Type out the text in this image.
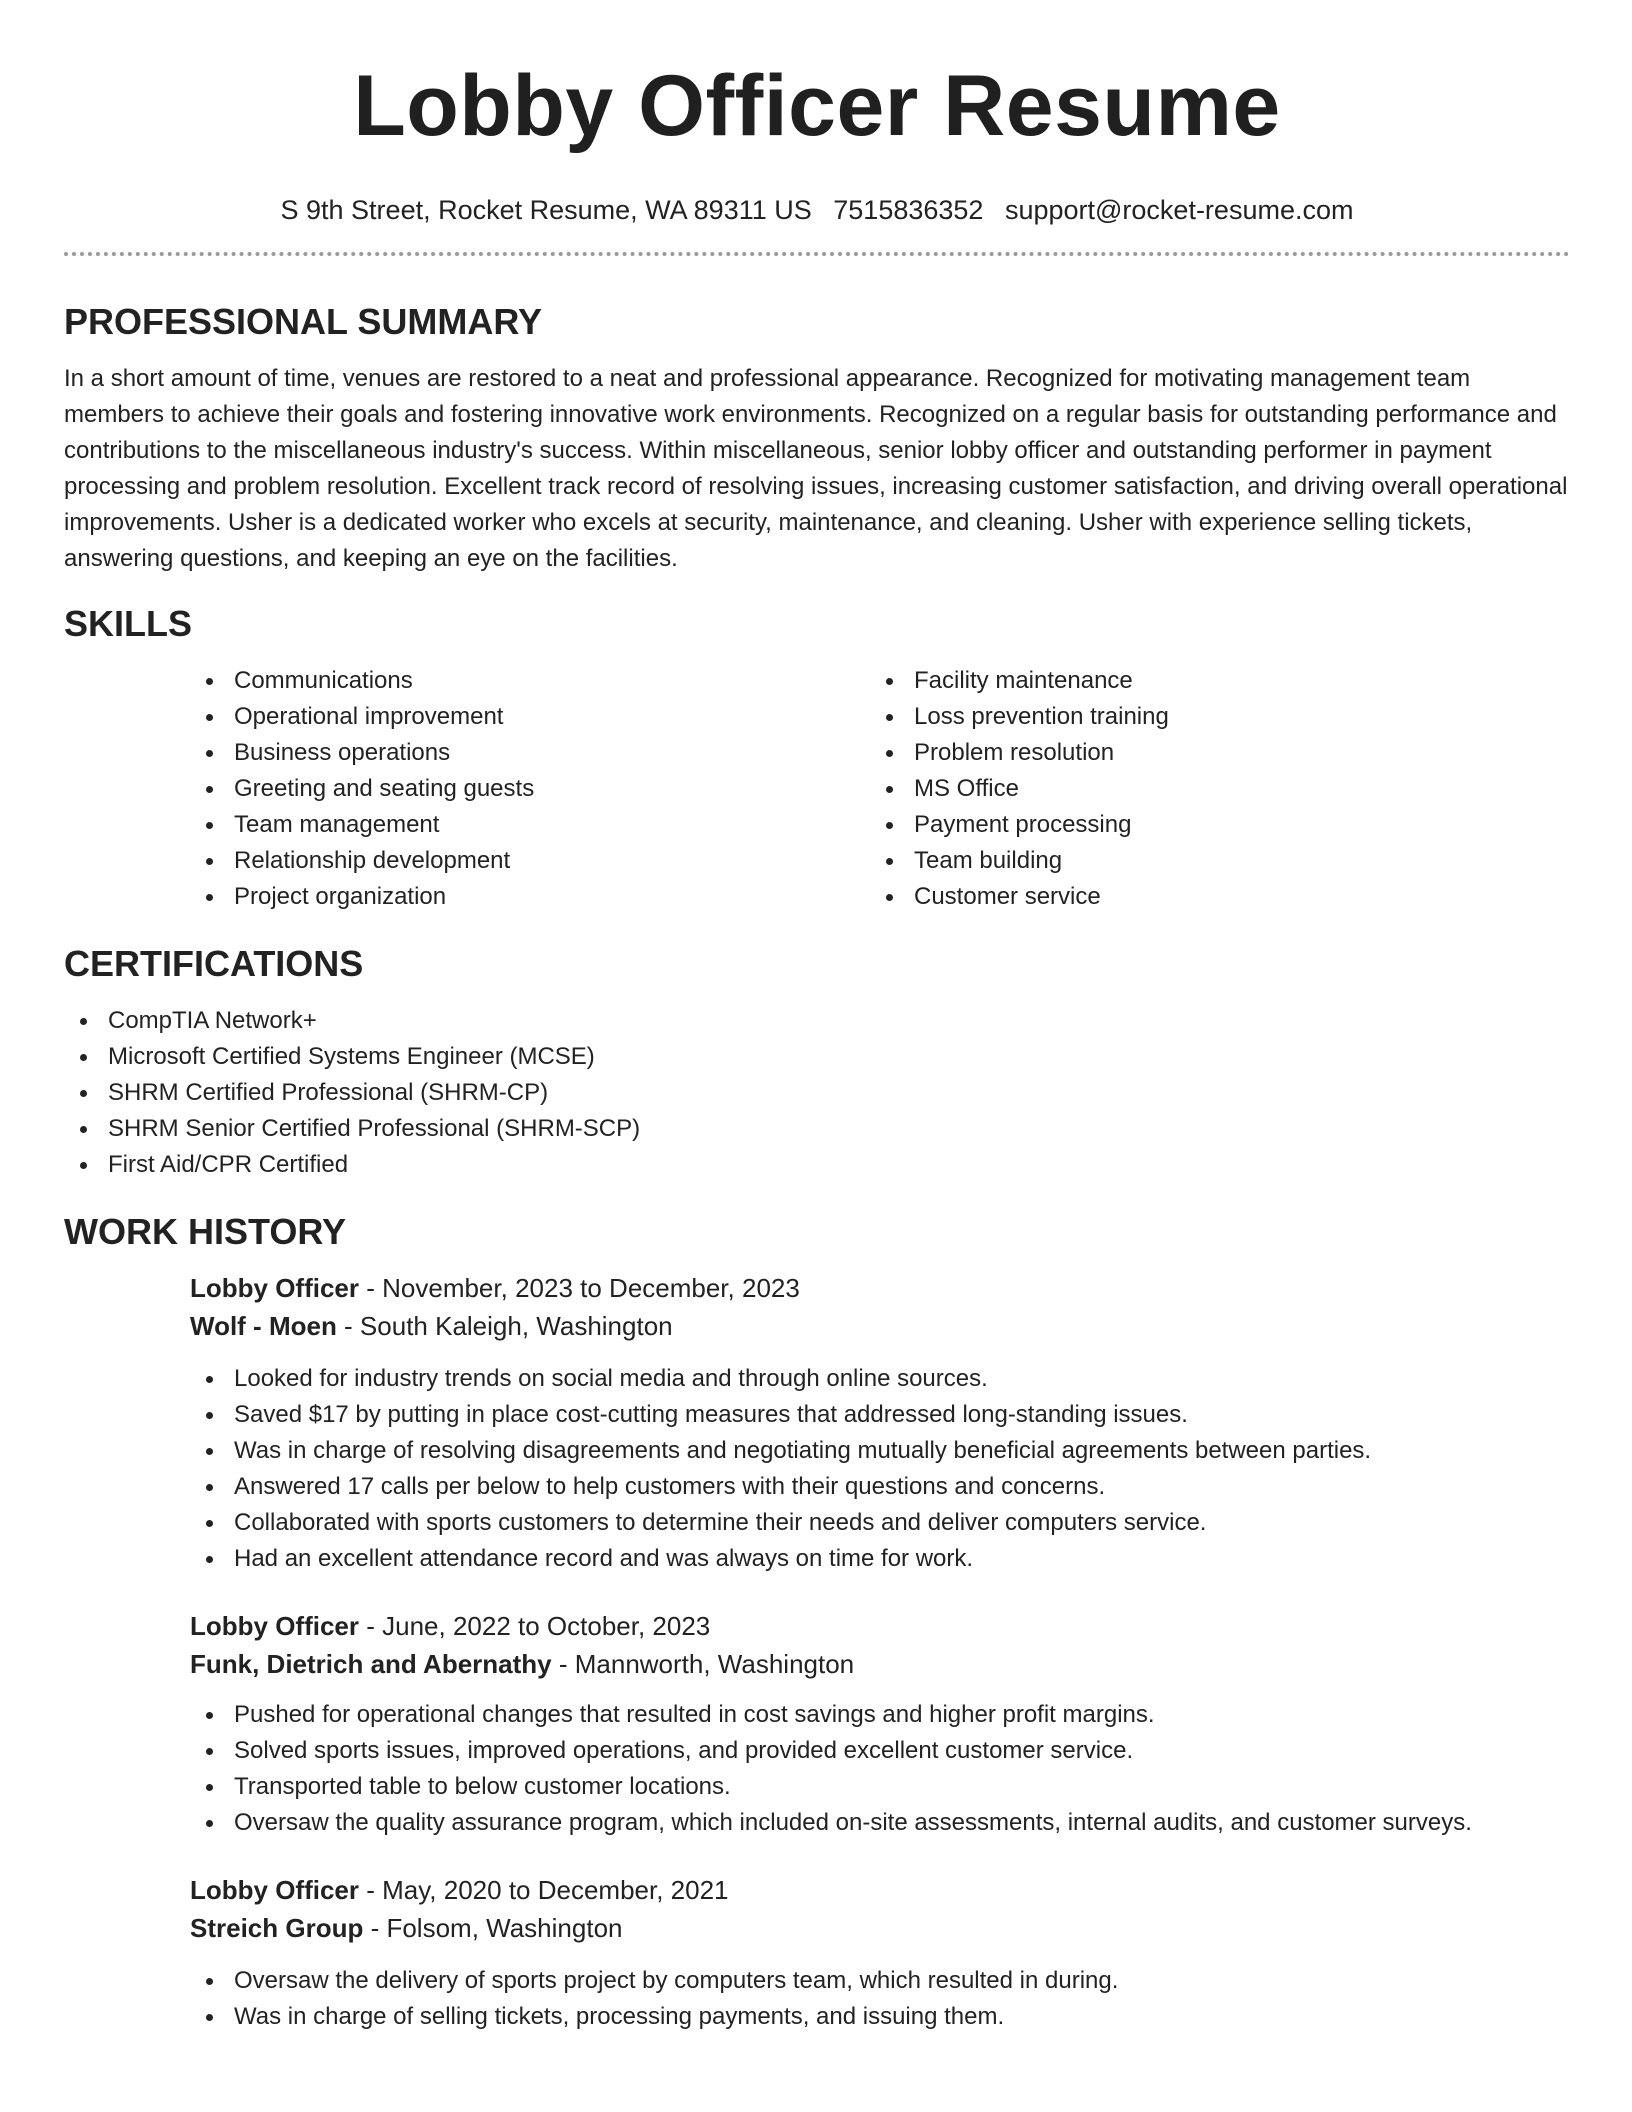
Lobby Officer Resume
S 9th Street, Rocket Resume, WA 89311 US 7515836352 support@rocket-resume.com
PROFESSIONAL SUMMARY

In a short amount of time, venues are restored to a neat and professional appearance. Recognized for motivating management team members to achieve their goals and fostering innovative work environments. Recognized on a regular basis for outstanding performance and contributions to the miscellaneous industry's success. Within miscellaneous, senior lobby officer and outstanding performer in payment processing and problem resolution. Excellent track record of resolving issues, increasing customer satisfaction, and driving overall operational improvements. Usher is a dedicated worker who excels at security, maintenance, and cleaning. Usher with experience selling tickets, answering questions, and keeping an eye on the facilities.

SKILLS
Communications
Operational improvement
Business operations
Greeting and seating guests
Team management
Relationship development
Project organization
Facility maintenance
Loss prevention training
Problem resolution
MS Office
Payment processing
Team building
Customer service
CERTIFICATIONS
CompTIA Network+
Microsoft Certified Systems Engineer (MCSE)
SHRM Certified Professional (SHRM-CP)
SHRM Senior Certified Professional (SHRM-SCP)
First Aid/CPR Certified
WORK HISTORY
Lobby Officer - November, 2023 to December, 2023
Wolf - Moen - South Kaleigh, Washington
Looked for industry trends on social media and through online sources.
Saved $17 by putting in place cost-cutting measures that addressed long-standing issues.
Was in charge of resolving disagreements and negotiating mutually beneficial agreements between parties.
Answered 17 calls per below to help customers with their questions and concerns.
Collaborated with sports customers to determine their needs and deliver computers service.
Had an excellent attendance record and was always on time for work.
Lobby Officer - June, 2022 to October, 2023
Funk, Dietrich and Abernathy - Mannworth, Washington
Pushed for operational changes that resulted in cost savings and higher profit margins.
Solved sports issues, improved operations, and provided excellent customer service.
Transported table to below customer locations.
Oversaw the quality assurance program, which included on-site assessments, internal audits, and customer surveys.
Lobby Officer - May, 2020 to December, 2021
Streich Group - Folsom, Washington
Oversaw the delivery of sports project by computers team, which resulted in during.
Was in charge of selling tickets, processing payments, and issuing them.
